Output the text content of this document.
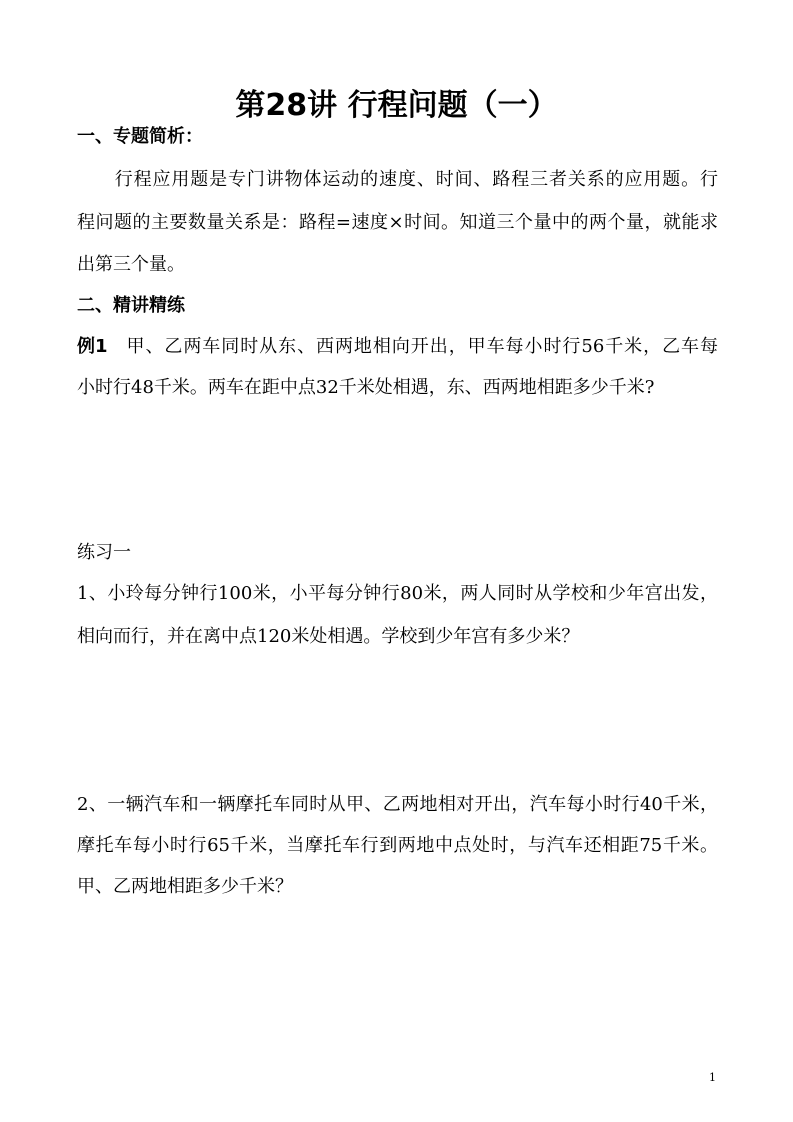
第28讲 行程问题（一）
一、专题简析：
　　行程应用题是专门讲物体运动的速度、时间、路程三者关系的应用题。行
程问题的主要数量关系是：路程=速度×时间。知道三个量中的两个量，就能求
出第三个量。
二、精讲精练
例1 　甲、乙两车同时从东、西两地相向开出，甲车每小时行56千米，乙车每
小时行48千米。两车在距中点32千米处相遇，东、西两地相距多少千米?
练习一
1、小玲每分钟行100米，小平每分钟行80米，两人同时从学校和少年宫出发，
相向而行，并在离中点120米处相遇。学校到少年宫有多少米？
2、一辆汽车和一辆摩托车同时从甲、乙两地相对开出，汽车每小时行40千米，
摩托车每小时行65千米，当摩托车行到两地中点处时，与汽车还相距75千米。
甲、乙两地相距多少千米？
1
